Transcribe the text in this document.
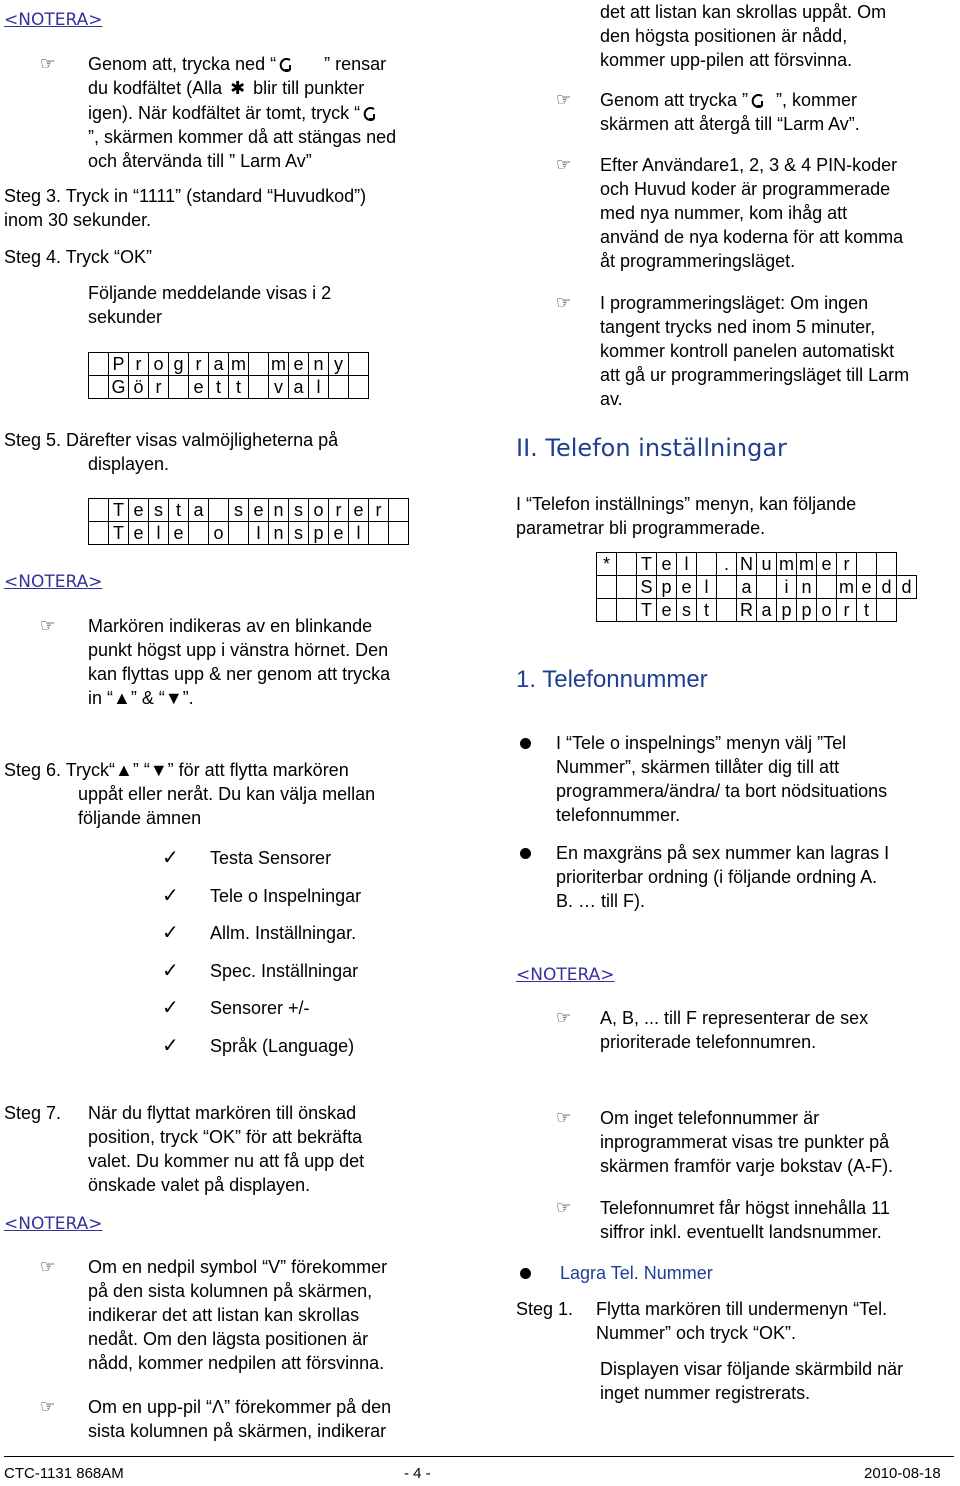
<NOTERA>
☞ Genom att, trycka ned “	” rensar
du kodfältet (Alla ✱ blir till punkter
igen). När kodfältet är tomt, tryck “
”, skärmen kommer då att stängas ned
och återvända till ” Larm Av”
Steg 3. Tryck in “1111” (standard “Huvudkod”)
inom 30 sekunder.
Steg 4. Tryck “OK”
Följande meddelande visas i 2
sekunder
	P	r	o	g	r	a	m		m	e	n	y	
	G	ö	r		e	t	t		v	a	l		
Steg 5. Därefter visas valmöjligheterna på
displayen.
	T	e	s	t	a		s	e	n	s	o	r	e	r	
	T	e	l	e		o		I	n	s	p	e	l		
<NOTERA>
☞ Markören indikeras av en blinkande
punkt högst upp i vänstra hörnet. Den
kan flyttas upp & ner genom att trycka
in “▲” & “▼”.
Steg 6. Tryck“▲” “▼” för att flytta markören
uppåt eller neråt. Du kan välja mellan
följande ämnen
✓ Testa Sensorer
✓ Tele o Inspelningar
✓ Allm. Inställningar.
✓ Spec. Inställningar
✓ Sensorer +/-
✓ Språk (Language)
Steg 7. När du flyttat markören till önskad
position, tryck “OK” för att bekräfta
valet. Du kommer nu att få upp det
önskade valet på displayen.
<NOTERA>
☞ Om en nedpil symbol “V” förekommer
på den sista kolumnen på skärmen,
indikerar det att listan kan skrollas
nedåt. Om den lägsta positionen är
nådd, kommer nedpilen att försvinna.
☞ Om en upp-pil “Λ” förekommer på den
sista kolumnen på skärmen, indikerar
det att listan kan skrollas uppåt. Om
den högsta positionen är nådd,
kommer upp-pilen att försvinna.
☞ Genom att trycka ” ”, kommer
skärmen att återgå till “Larm Av”.
☞ Efter Användare1, 2, 3 & 4 PIN-koder
och Huvud koder är programmerade
med nya nummer, kom ihåg att
använd de nya koderna för att komma
åt programmeringsläget.
☞ I programmeringsläget: Om ingen
tangent trycks ned inom 5 minuter,
kommer kontroll panelen automatiskt
att gå ur programmeringsläget till Larm
av.
II. Telefon inställningar
I “Telefon inställnings” menyn, kan följande
parametrar bli programmerade.
*		T	e	l		.	N	u	m	m	e	r			
		S	p	e	l		a		i	n		m	e	d	d
		T	e	s	t		R	a	p	p	o	r	t		
1. Telefonnummer
I “Tele o inspelnings” menyn välj ”Tel
Nummer”, skärmen tillåter dig till att
programmera/ändra/ ta bort nödsituations
telefonnummer.
En maxgräns på sex nummer kan lagras I
prioriterbar ordning (i följande ordning A.
B. … till F).
<NOTERA>
☞ A, B, ... till F representerar de sex
prioriterade telefonnumren.
☞ Om inget telefonnummer är
inprogrammerat visas tre punkter på
skärmen framför varje bokstav (A-F).
☞ Telefonnumret får högst innehålla 11
siffror inkl. eventuellt landsnummer.
Lagra Tel. Nummer
Steg 1. Flytta markören till undermenyn “Tel.
Nummer” och tryck “OK”.
Displayen visar följande skärmbild när
inget nummer registrerats.
CTC-1131 868AM	- 4 -	2010-08-18
